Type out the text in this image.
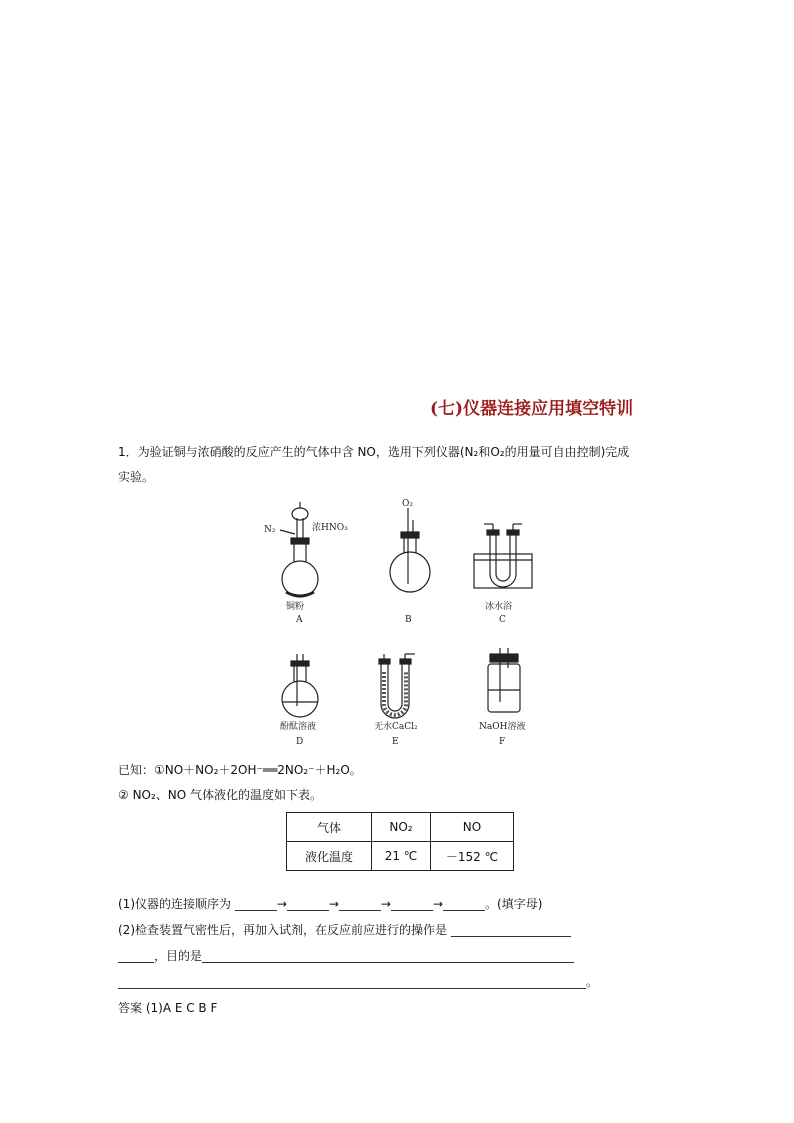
(七)仪器连接应用填空特训
1．为验证铜与浓硝酸的反应产生的气体中含 NO，选用下列仪器(N₂和O₂的用量可自由控制)完成
实验。
N₂	浓HNO₃
铜粉
A
O₂
B
冰水浴
C
酚酞溶液
D
无水CaCl₂
E
NaOH溶液
F
已知：①NO＋NO₂＋2OH⁻══2NO₂⁻＋H₂O。
② NO₂、NO 气体液化的温度如下表。
气体	NO₂	NO
液化温度	21 ℃	－152 ℃
(1)仪器的连接顺序为 _______→_______→_______→_______→_______。(填字母)
(2)检查装置气密性后，再加入试剂，在反应前应进行的操作是 ____________________
______，目的是______________________________________________________________
______________________________________________________________________________。
答案 (1)A E C B F
